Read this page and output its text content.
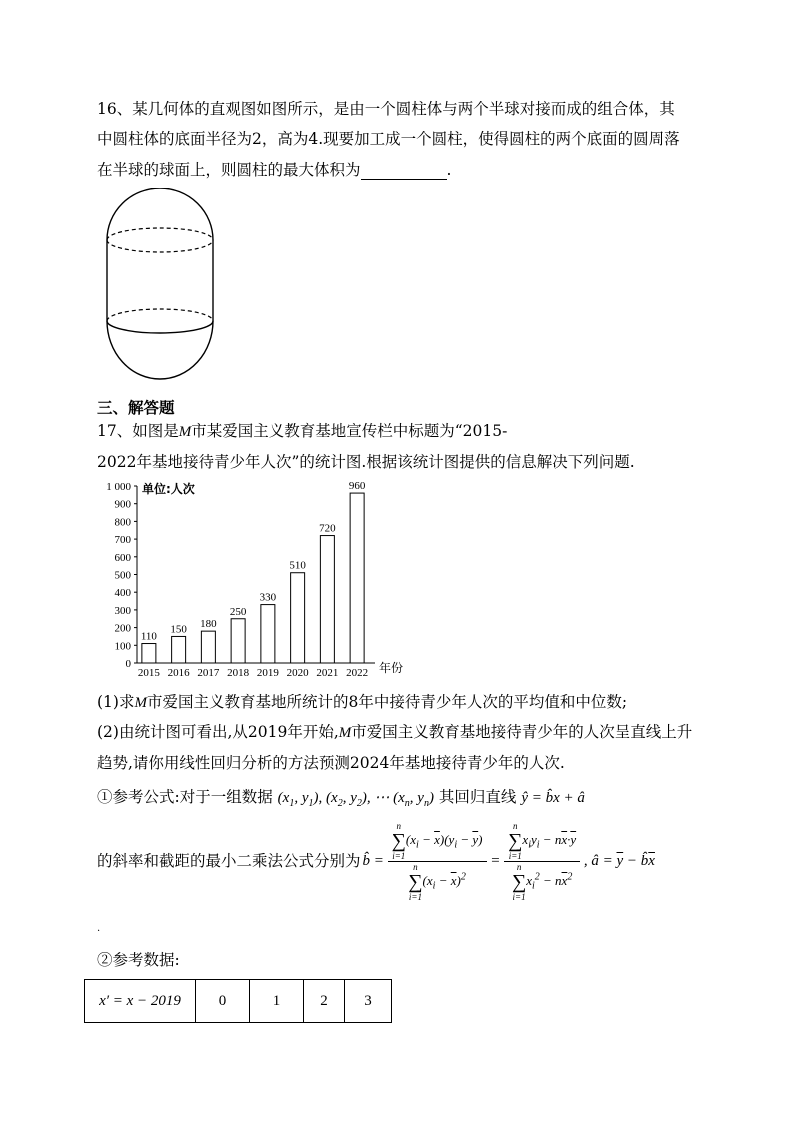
16、某几何体的直观图如图所示，是由一个圆柱体与两个半球对接而成的组合体，其
中圆柱体的底面半径为2，高为4.现要加工成一个圆柱，使得圆柱的两个底面的圆周落
在半球的球面上，则圆柱的最大体积为	.
三、解答题
17、如图是M市某爱国主义教育基地宣传栏中标题为“2015-
2022年基地接待青少年人次”的统计图.根据该统计图提供的信息解决下列问题.
0
100
200
300
400
500
600
700
800
900
1 000
110
2015
150
2016
180
2017
250
2018
330
2019
510
2020
720
2021
960
2022
单位:人次
年份
(1)求M市爱国主义教育基地所统计的8年中接待青少年人次的平均值和中位数;
(2)由统计图可看出,从2019年开始,M市爱国主义教育基地接待青少年的人次呈直线上升
趋势,请你用线性回归分析的方法预测2024年基地接待青少年的人次.
①参考公式:对于一组数据 ($x_1$, $y_1$), ($x_2$, $y_2$), ⋯ ($x_n$, $y_n$) 其回归直线 ŷ = b̂x + â
的斜率和截距的最小二乘法公式分别为 b̂ = n
∑
$i=1(x_i - \overline{x})(y_i - \overline{y})$
n
∑
$i=1(x_i - \overline{x})^2 = n$
∑
$i=1x_iy_i - n\overline{x}\cdot\overline{y}$
n
∑
$i=1x_i^2 - n\overline{x}^2$ , â = $\overline{y}$ − $b̂\overline{x}$
.
②参考数据:
x′ = x − 2019	0	1	2	3
